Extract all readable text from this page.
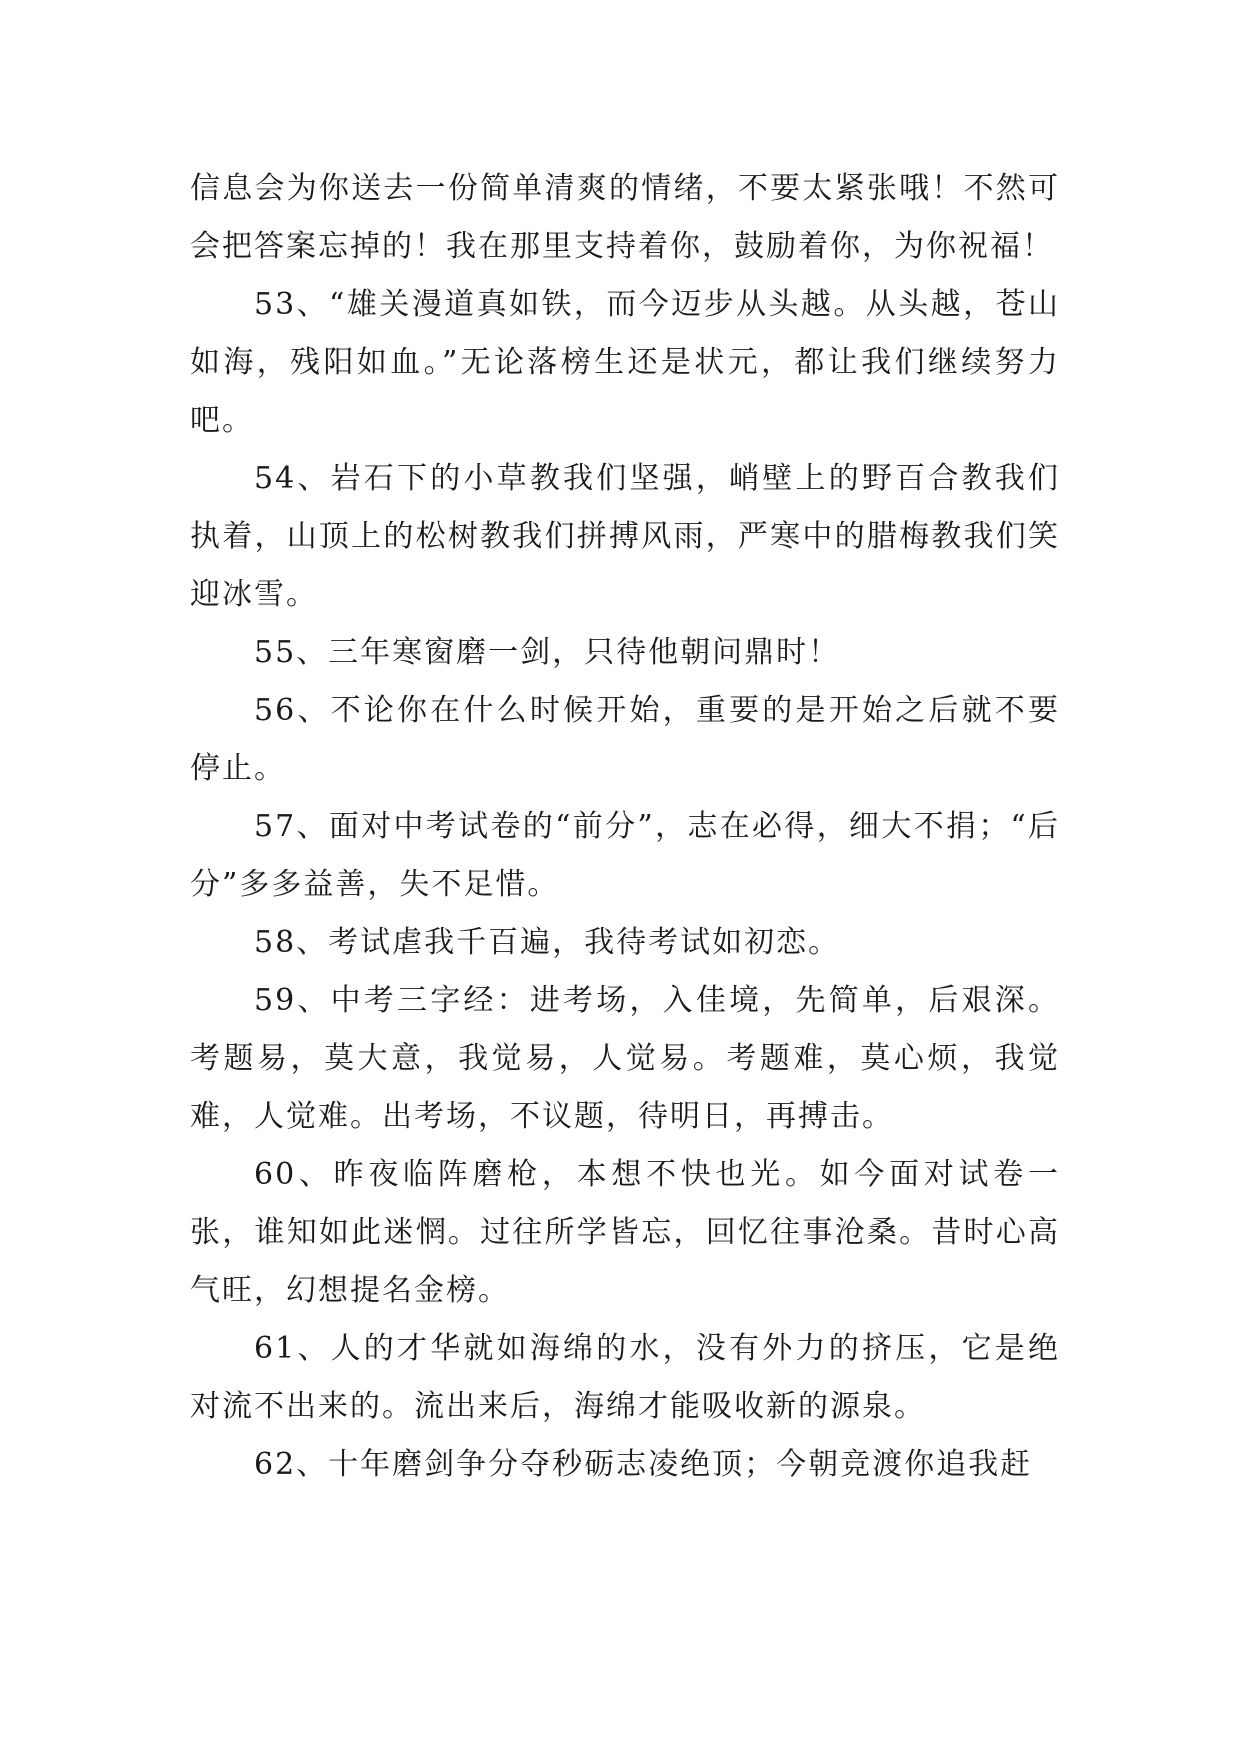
信息会为你送去一份简单清爽的情绪，不要太紧张哦！不然可会把答案忘掉的！我在那里支持着你，鼓励着你，为你祝福！

53、“雄关漫道真如铁，而今迈步从头越。从头越，苍山如海，残阳如血。”无论落榜生还是状元，都让我们继续努力吧。

54、岩石下的小草教我们坚强，峭壁上的野百合教我们执着，山顶上的松树教我们拼搏风雨，严寒中的腊梅教我们笑迎冰雪。

55、三年寒窗磨一剑，只待他朝问鼎时！

56、不论你在什么时候开始，重要的是开始之后就不要停止。

57、面对中考试卷的“前分”，志在必得，细大不捐；“后分”多多益善，失不足惜。

58、考试虐我千百遍，我待考试如初恋。

59、中考三字经：进考场，入佳境，先简单，后艰深。考题易，莫大意，我觉易，人觉易。考题难，莫心烦，我觉难，人觉难。出考场，不议题，待明日，再搏击。

60、昨夜临阵磨枪，本想不快也光。如今面对试卷一张，谁知如此迷惘。过往所学皆忘，回忆往事沧桑。昔时心高气旺，幻想提名金榜。

61、人的才华就如海绵的水，没有外力的挤压，它是绝对流不出来的。流出来后，海绵才能吸收新的源泉。

62、十年磨剑争分夺秒砺志凌绝顶；今朝竞渡你追我赶
